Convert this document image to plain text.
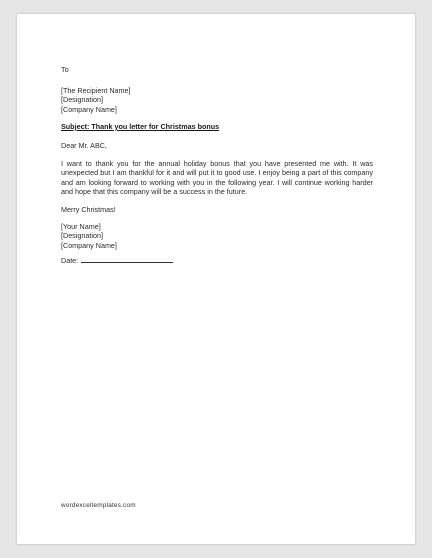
To
[The Recipient Name]
[Designation]
[Company Name]
Subject: Thank you letter for Christmas bonus
Dear Mr. ABC,

I want to thank you for the annual holiday bonus that you have presented me with. It was unexpected but I am thankful for it and will put it to good use. I enjoy being a part of this company and am looking forward to working with you in the following year. I will continue working harder and hope that this company will be a success in the future.

Merry Christmas!
[Your Name]
[Designation]
[Company Name]
Date:
wordexceltemplates.com
